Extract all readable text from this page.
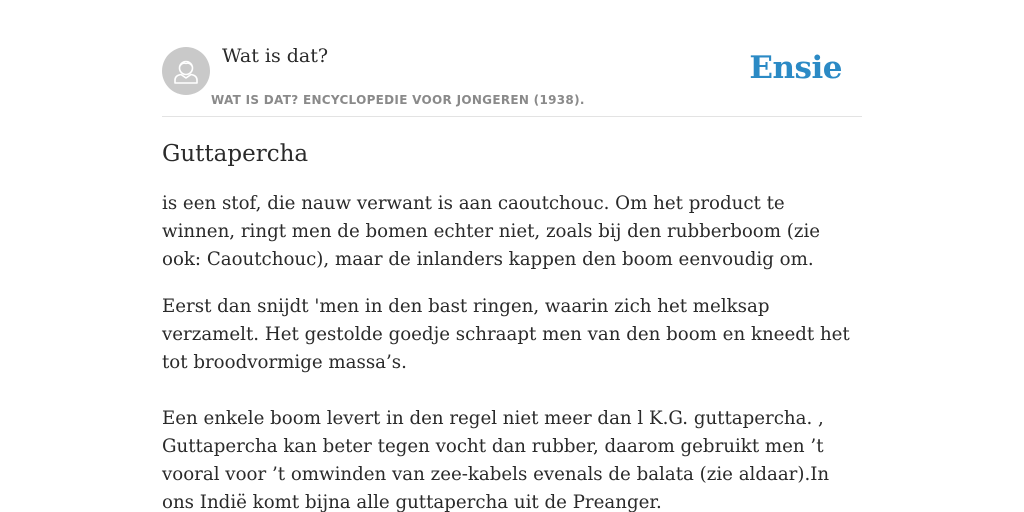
Wat is dat?
WAT IS DAT? ENCYCLOPEDIE VOOR JONGEREN (1938).
Ensie
Guttapercha

is een stof, die nauw verwant is aan caoutchouc. Om het product te winnen, ringt men de bomen echter niet, zoals bij den rubberboom (zie ook: Caoutchouc), maar de inlanders kappen den boom eenvoudig om.

Eerst dan snijdt 'men in den bast ringen, waarin zich het melksap verzamelt. Het gestolde goedje schraapt men van den boom en kneedt het tot broodvormige massa’s.

Een enkele boom levert in den regel niet meer dan l K.G. guttapercha. , Guttapercha kan beter tegen vocht dan rubber, daarom gebruikt men ’t vooral voor ’t omwinden van zee-kabels evenals de balata (zie aldaar).In ons Indië komt bijna alle guttapercha uit de Preanger.
